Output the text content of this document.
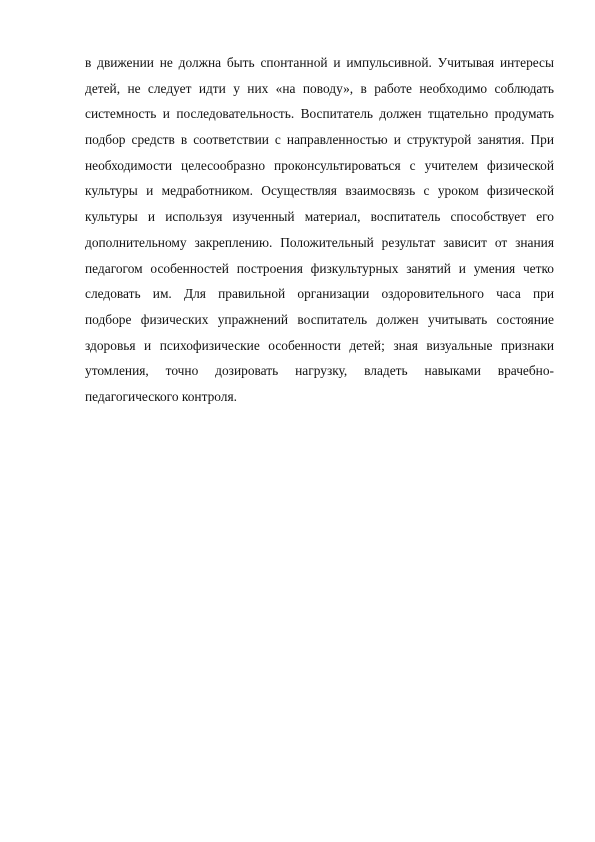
в движении не должна быть спонтанной и импульсивной. Учитывая интересы
детей, не следует идти у них «на поводу», в работе необходимо соблюдать
системность и последовательность. Воспитатель должен тщательно продумать
подбор средств в соответствии с направленностью и структурой занятия. При
необходимости целесообразно проконсультироваться с учителем физической
культуры и медработником. Осуществляя взаимосвязь с уроком физической
культуры и используя изученный материал, воспитатель способствует его
дополнительному закреплению. Положительный результат зависит от знания
педагогом особенностей построения физкультурных занятий и умения четко
следовать им. Для правильной организации оздоровительного часа при
подборе физических упражнений воспитатель должен учитывать состояние
здоровья и психофизические особенности детей; зная визуальные признаки
утомления, точно дозировать нагрузку, владеть навыками врачебно-
педагогического контроля.
